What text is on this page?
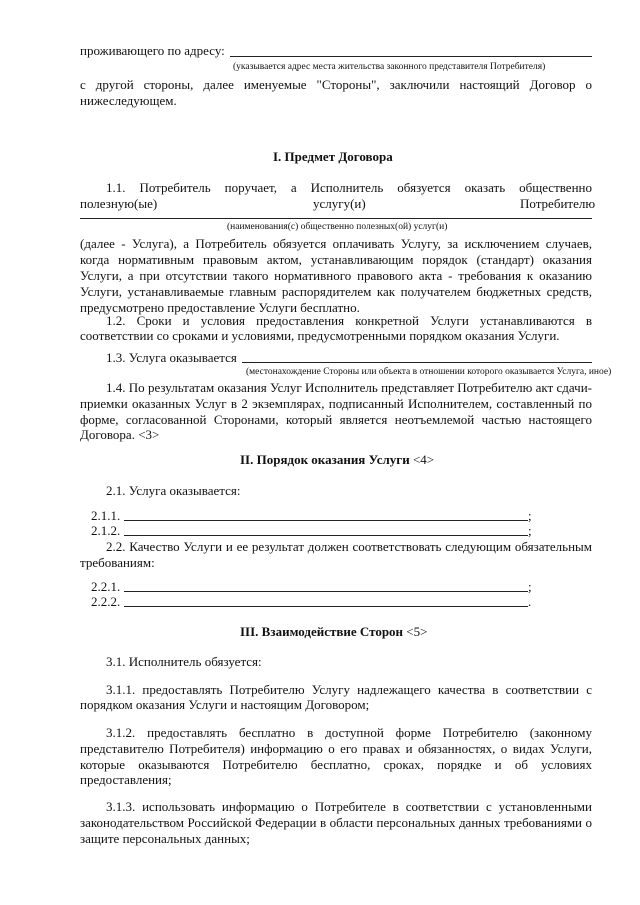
проживающего по адресу:
(указывается адрес места жительства законного представителя Потребителя)
с другой стороны, далее именуемые "Стороны", заключили настоящий Договор о
нижеследующем.
I. Предмет Договора
1.1. Потребитель поручает, а Исполнитель обязуется оказать общественно
полезную(ые)	услугу(и)	Потребителю
(наименования(с) общественно полезных(ой) услуг(и)
(далее - Услуга), а Потребитель обязуется оплачивать Услугу, за исключением случаев,
когда нормативным правовым актом, устанавливающим порядок (стандарт) оказания
Услуги, а при отсутствии такого нормативного правового акта - требования к оказанию
Услуги, устанавливаемые главным распорядителем как получателем бюджетных средств,
предусмотрено предоставление Услуги бесплатно.
1.2. Сроки и условия предоставления конкретной Услуги устанавливаются в
соответствии со сроками и условиями, предусмотренными порядком оказания Услуги.
1.3. Услуга оказывается
(местонахождение Стороны или объекта в отношении которого оказывается Услуга, иное)
1.4. По результатам оказания Услуг Исполнитель представляет Потребителю акт сдачи-
приемки оказанных Услуг в 2 экземплярах, подписанный Исполнителем, составленный по
форме, согласованной Сторонами, который является неотъемлемой частью настоящего
Договора. <3>
II. Порядок оказания Услуги <4>
2.1. Услуга оказывается:
2.1.1.	;
2.1.2.	;
2.2. Качество Услуги и ее результат должен соответствовать следующим обязательным
требованиям:
2.2.1.	;
2.2.2.	.
III. Взаимодействие Сторон <5>
3.1. Исполнитель обязуется:
3.1.1. предоставлять Потребителю Услугу надлежащего качества в соответствии с
порядком оказания Услуги и настоящим Договором;
3.1.2. предоставлять бесплатно в доступной форме Потребителю (законному
представителю Потребителя) информацию о его правах и обязанностях, о видах Услуги,
которые оказываются Потребителю бесплатно, сроках, порядке и об условиях
предоставления;
3.1.3. использовать информацию о Потребителе в соответствии с установленными
законодательством Российской Федерации в области персональных данных требованиями о
защите персональных данных;
